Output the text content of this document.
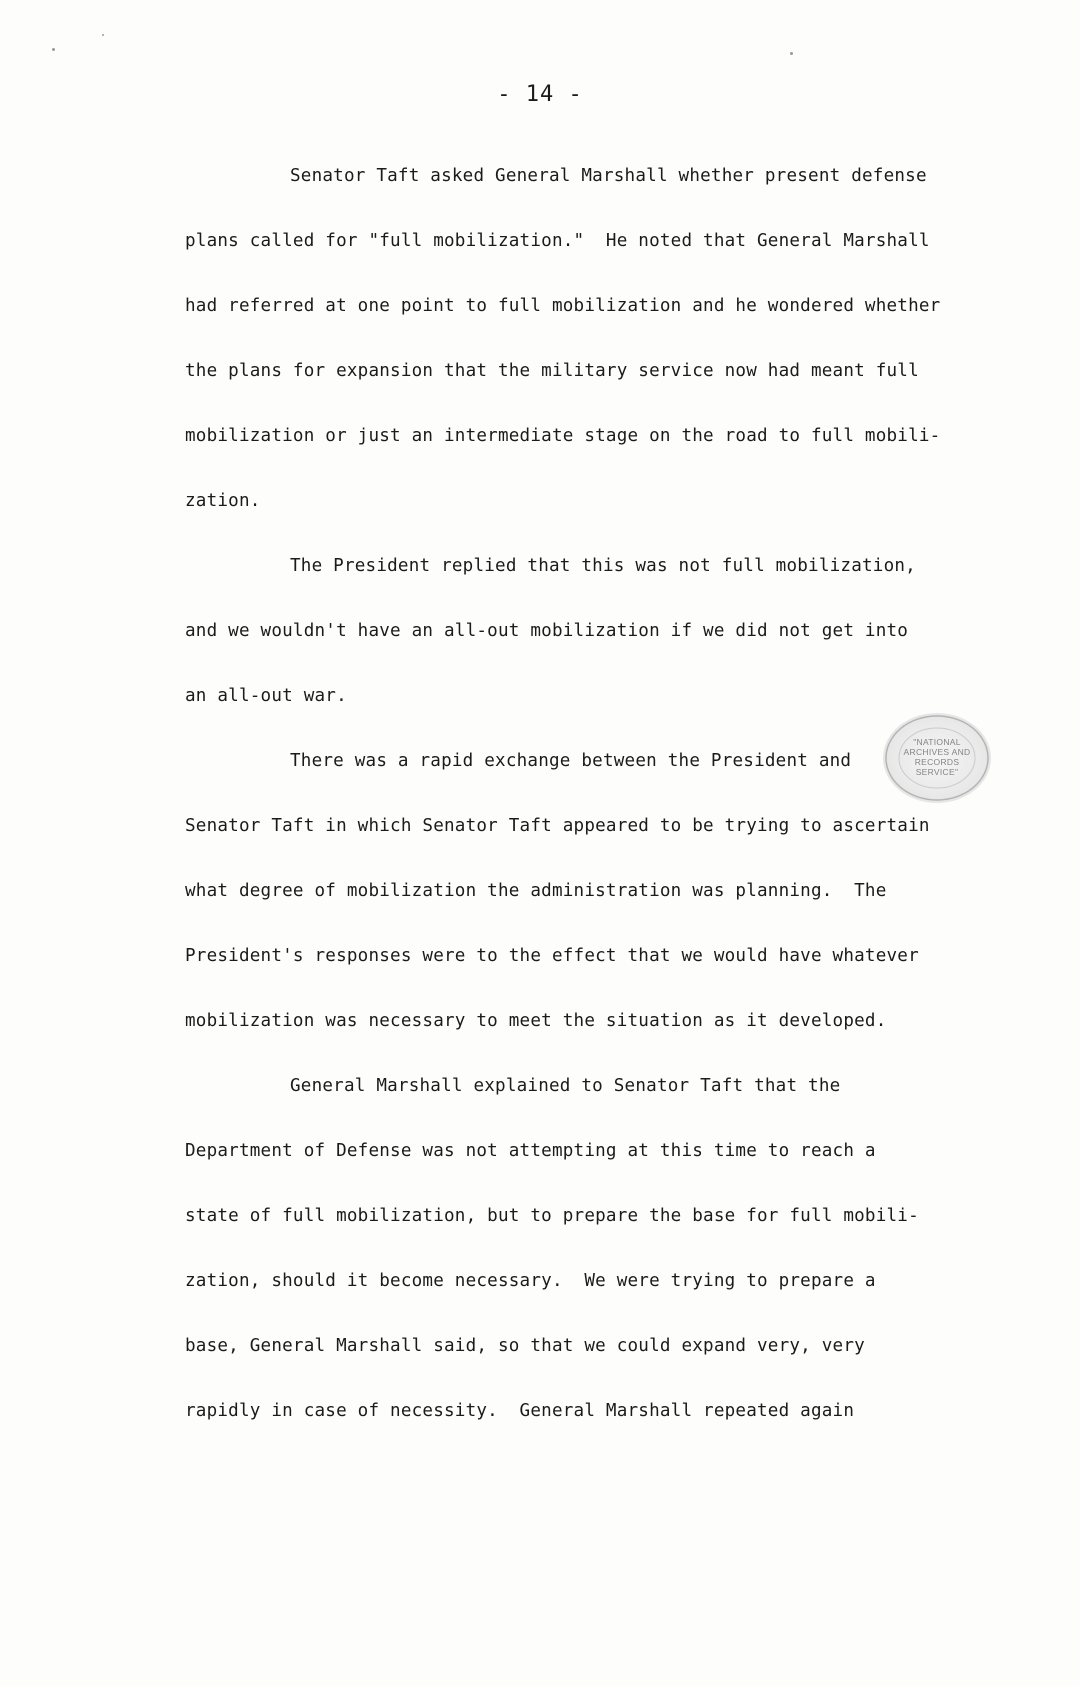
- 14 -
Senator Taft asked General Marshall whether present defense
plans called for "full mobilization."  He noted that General Marshall
had referred at one point to full mobilization and he wondered whether
the plans for expansion that the military service now had meant full
mobilization or just an intermediate stage on the road to full mobili-
zation.
The President replied that this was not full mobilization,
and we wouldn't have an all-out mobilization if we did not get into
an all-out war.
There was a rapid exchange between the President and
Senator Taft in which Senator Taft appeared to be trying to ascertain
what degree of mobilization the administration was planning.  The
President's responses were to the effect that we would have whatever
mobilization was necessary to meet the situation as it developed.
General Marshall explained to Senator Taft that the
Department of Defense was not attempting at this time to reach a
state of full mobilization, but to prepare the base for full mobili-
zation, should it become necessary.  We were trying to prepare a
base, General Marshall said, so that we could expand very, very
rapidly in case of necessity.  General Marshall repeated again
"NATIONAL
ARCHIVES AND
RECORDS
SERVICE"
